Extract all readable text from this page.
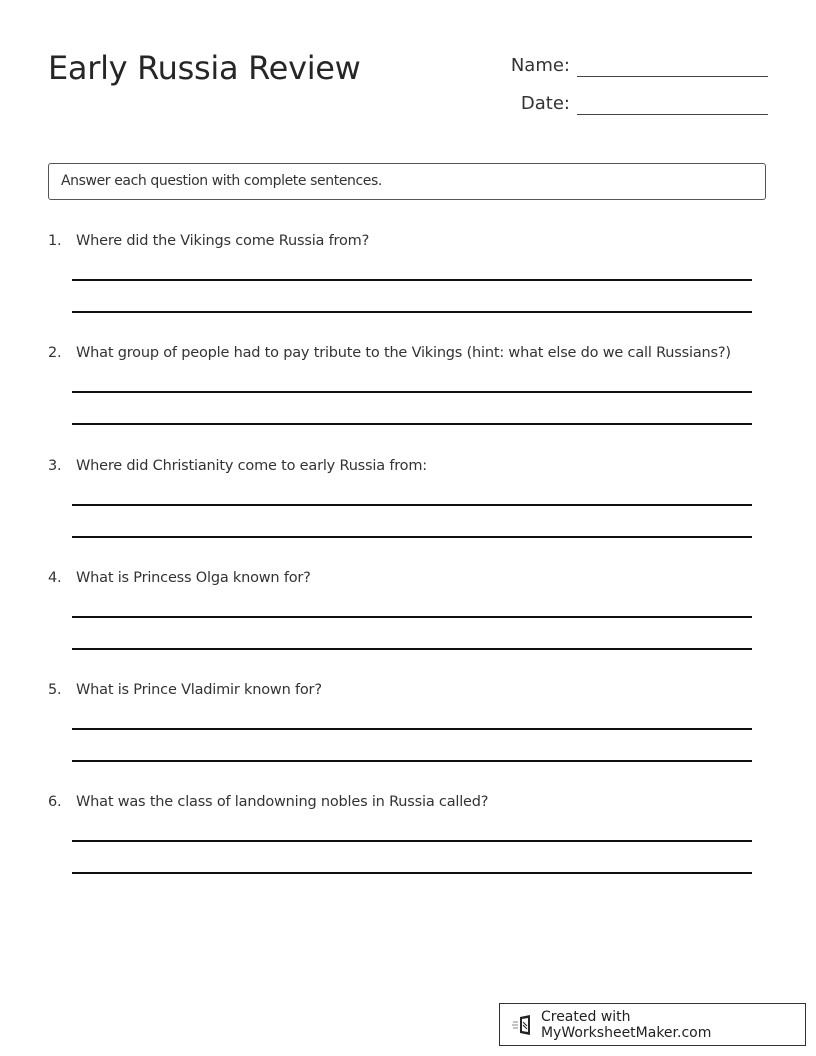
Early Russia Review	Name:
Date:
Answer each question with complete sentences.
1.	Where did the Vikings come Russia from?
2.	What group of people had to pay tribute to the Vikings (hint: what else do we call Russians?)
3.	Where did Christianity come to early Russia from:
4.	What is Princess Olga known for?
5.	What is Prince Vladimir known for?
6.	What was the class of landowning nobles in Russia called?
Created with MyWorksheetMaker.com
